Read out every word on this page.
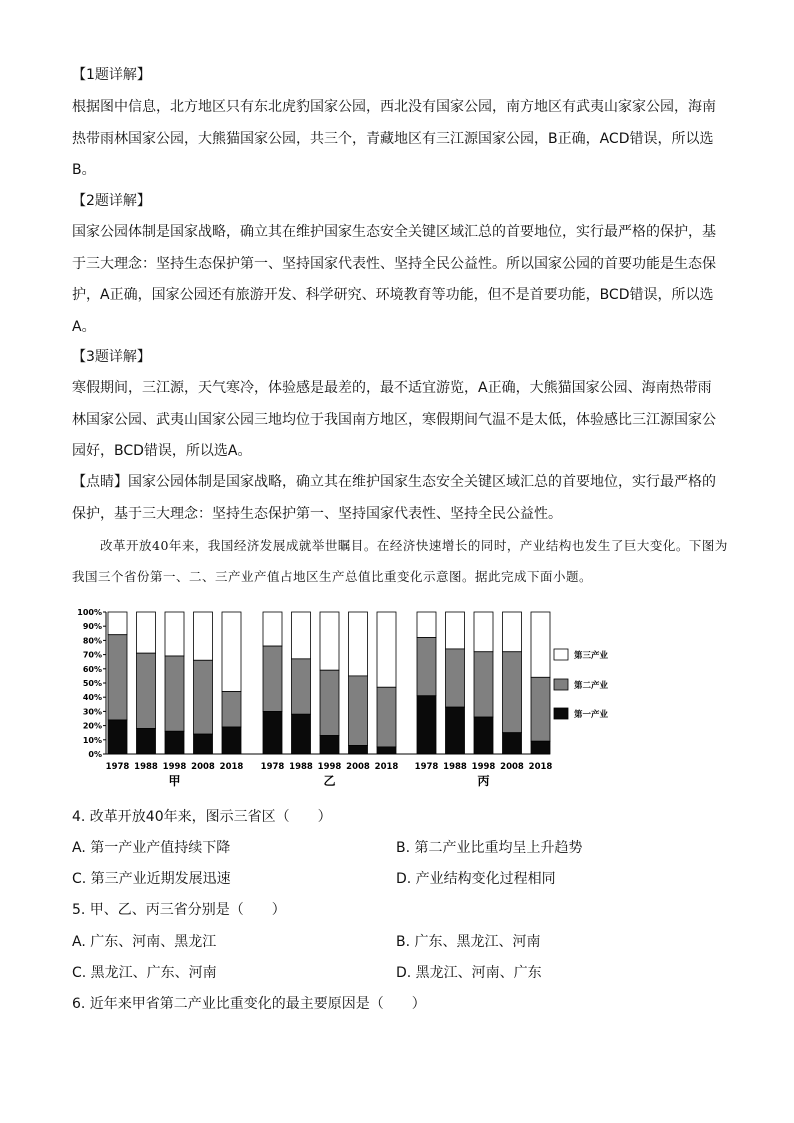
【1题详解】

根据图中信息，北方地区只有东北虎豹国家公园，西北没有国家公园，南方地区有武夷山家家公园，海南热带雨林国家公园，大熊猫国家公园，共三个，青藏地区有三江源国家公园，B正确，ACD错误，所以选B。

【2题详解】

国家公园体制是国家战略，确立其在维护国家生态安全关键区域汇总的首要地位，实行最严格的保护，基于三大理念：坚持生态保护第一、坚持国家代表性、坚持全民公益性。所以国家公园的首要功能是生态保护，A正确，国家公园还有旅游开发、科学研究、环境教育等功能，但不是首要功能，BCD错误，所以选A。

【3题详解】

寒假期间，三江源，天气寒冷，体验感是最差的，最不适宜游览，A正确，大熊猫国家公园、海南热带雨林国家公园、武夷山国家公园三地均位于我国南方地区，寒假期间气温不是太低，体验感比三江源国家公园好，BCD错误，所以选A。

【点睛】国家公园体制是国家战略，确立其在维护国家生态安全关键区域汇总的首要地位，实行最严格的保护，基于三大理念：坚持生态保护第一、坚持国家代表性、坚持全民公益性。

改革开放40年来，我国经济发展成就举世瞩目。在经济快速增长的同时，产业结构也发生了巨大变化。下图为我国三个省份第一、二、三产业产值占地区生产总值比重变化示意图。据此完成下面小题。

0%
10%
20%
30%
40%
50%
60%
70%
80%
90%
100%
1978 1988 1998 2008 2018
甲
1978 1988 1998 2008 2018
乙
1978 1988 1998 2008 2018
丙
第三产业
第二产业
第一产业

4. 改革开放40年来，图示三省区（　　）

A. 第一产业产值持续下降	B. 第二产业比重均呈上升趋势

C. 第三产业近期发展迅速	D. 产业结构变化过程相同

5. 甲、乙、丙三省分别是（　　）

A. 广东、河南、黑龙江	B. 广东、黑龙江、河南

C. 黑龙江、广东、河南	D. 黑龙江、河南、广东

6. 近年来甲省第二产业比重变化的最主要原因是（　　）
